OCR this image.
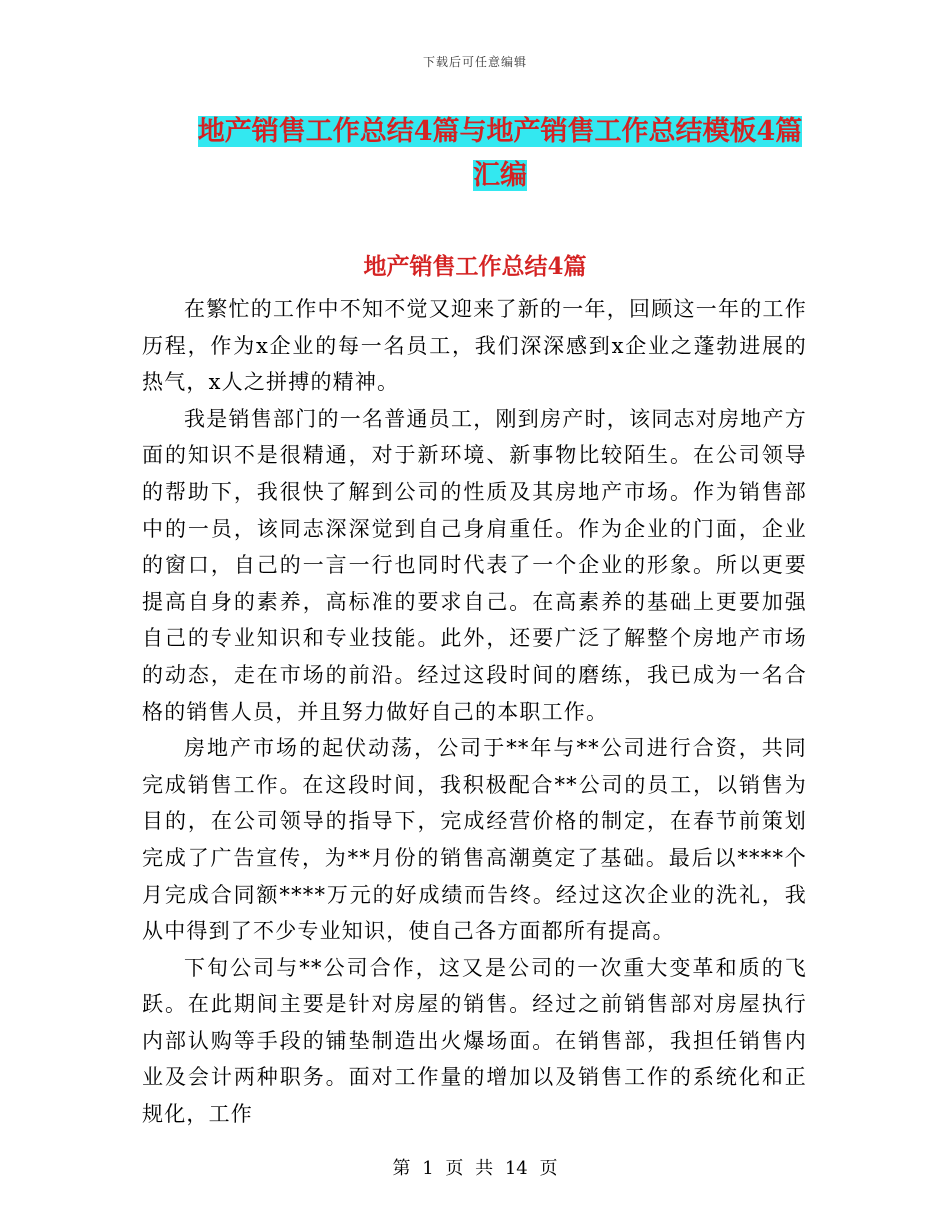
下载后可任意编辑
地产销售工作总结4篇与地产销售工作总结模板4篇
汇编
地产销售工作总结4篇

在繁忙的工作中不知不觉又迎来了新的一年，回顾这一年的工作历程，作为x企业的每一名员工，我们深深感到x企业之蓬勃进展的热气，x人之拼搏的精神。

我是销售部门的一名普通员工，刚到房产时，该同志对房地产方面的知识不是很精通，对于新环境、新事物比较陌生。在公司领导的帮助下，我很快了解到公司的性质及其房地产市场。作为销售部中的一员，该同志深深觉到自己身肩重任。作为企业的门面，企业的窗口，自己的一言一行也同时代表了一个企业的形象。所以更要提高自身的素养，高标准的要求自己。在高素养的基础上更要加强自己的专业知识和专业技能。此外，还要广泛了解整个房地产市场的动态，走在市场的前沿。经过这段时间的磨练，我已成为一名合格的销售人员，并且努力做好自己的本职工作。

房地产市场的起伏动荡，公司于**年与**公司进行合资，共同完成销售工作。在这段时间，我积极配合**公司的员工，以销售为目的，在公司领导的指导下，完成经营价格的制定，在春节前策划完成了广告宣传，为**月份的销售高潮奠定了基础。最后以****个月完成合同额****万元的好成绩而告终。经过这次企业的洗礼，我从中得到了不少专业知识，使自己各方面都所有提高。

下旬公司与**公司合作，这又是公司的一次重大变革和质的飞跃。在此期间主要是针对房屋的销售。经过之前销售部对房屋执行内部认购等手段的铺垫制造出火爆场面。在销售部，我担任销售内业及会计两种职务。面对工作量的增加以及销售工作的系统化和正规化，工作

第 1 页 共 14 页
